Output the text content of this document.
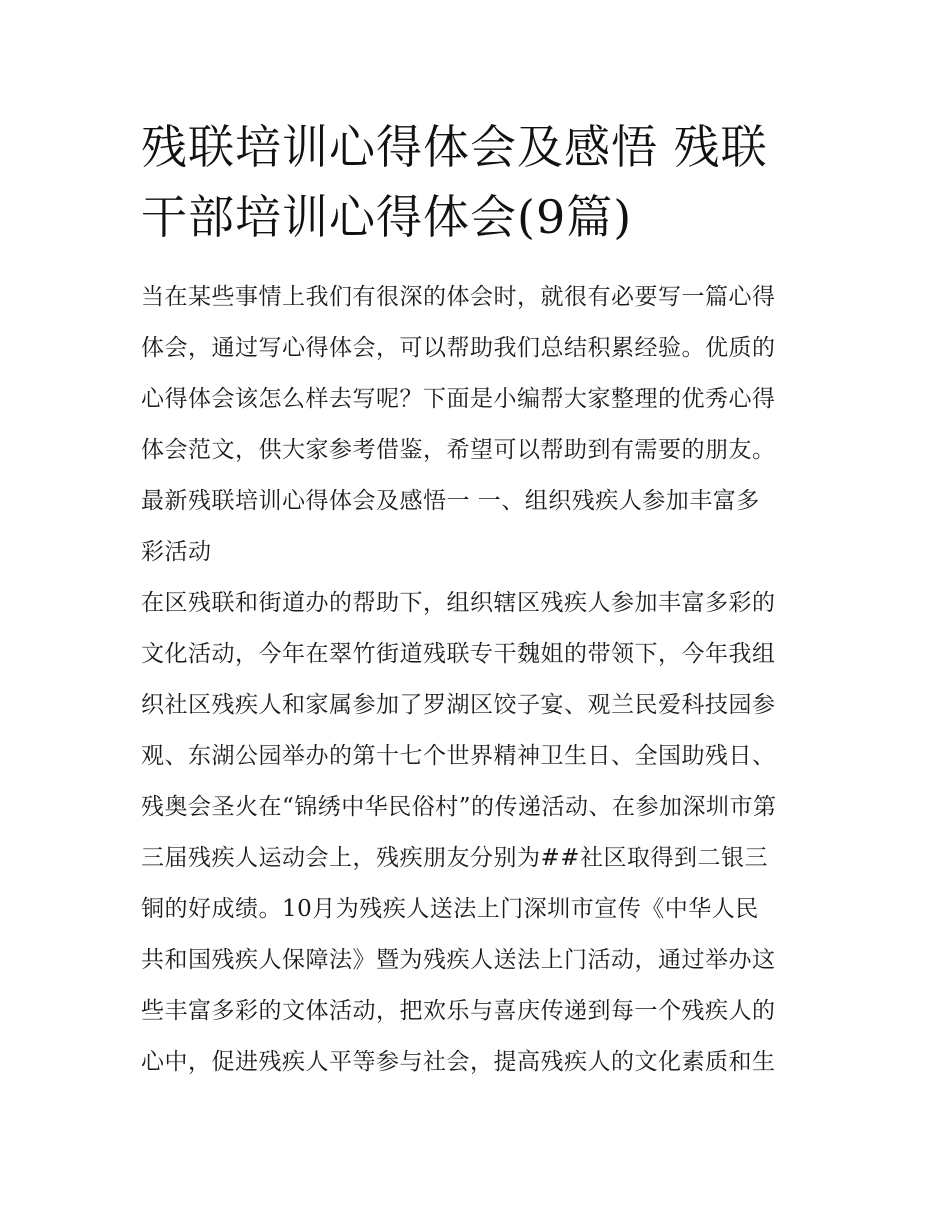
残联培训心得体会及感悟 残联
干部培训心得体会(9篇)

当在某些事情上我们有很深的体会时，就很有必要写一篇心得

体会，通过写心得体会，可以帮助我们总结积累经验。优质的

心得体会该怎么样去写呢？下面是小编帮大家整理的优秀心得

体会范文，供大家参考借鉴，希望可以帮助到有需要的朋友。

最新残联培训心得体会及感悟一 一、组织残疾人参加丰富多

彩活动

在区残联和街道办的帮助下，组织辖区残疾人参加丰富多彩的

文化活动，今年在翠竹街道残联专干魏姐的带领下，今年我组

织社区残疾人和家属参加了罗湖区饺子宴、观兰民爱科技园参

观、东湖公园举办的第十七个世界精神卫生日、全国助残日、

残奥会圣火在“锦绣中华民俗村”的传递活动、在参加深圳市第

三届残疾人运动会上，残疾朋友分别为##社区取得到二银三

铜的好成绩。10月为残疾人送法上门深圳市宣传《中华人民

共和国残疾人保障法》暨为残疾人送法上门活动，通过举办这

些丰富多彩的文体活动，把欢乐与喜庆传递到每一个残疾人的

心中，促进残疾人平等参与社会，提高残疾人的文化素质和生
